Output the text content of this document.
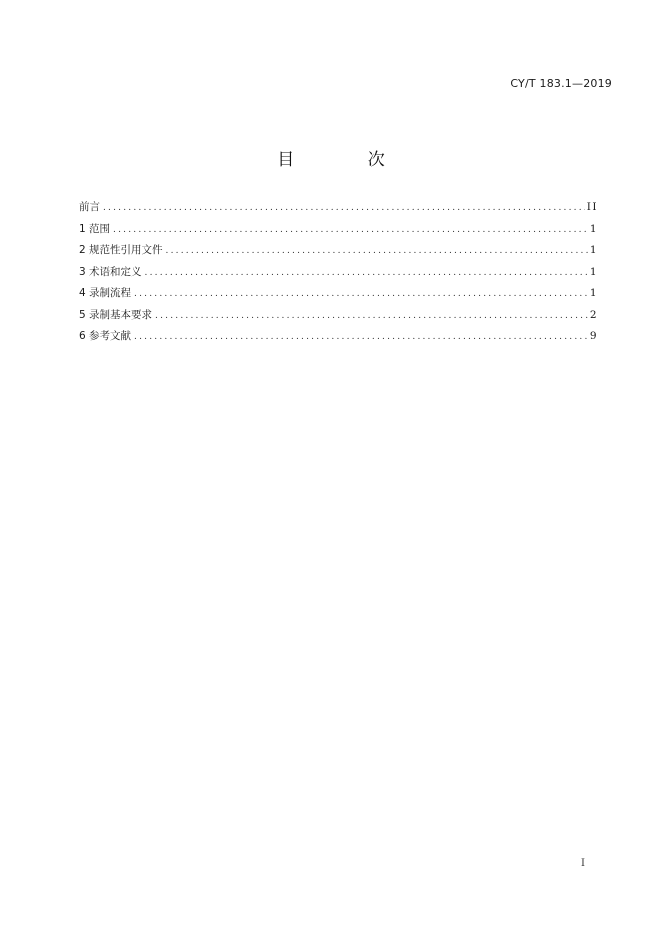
CY/T 183.1—2019
目 次
前言 .....	II
1 范围 .....	1
2 规范性引用文件 .....	1
3 术语和定义 .....	1
4 录制流程 .....	1
5 录制基本要求 .....	2
6 参考文献 .....	9
I
